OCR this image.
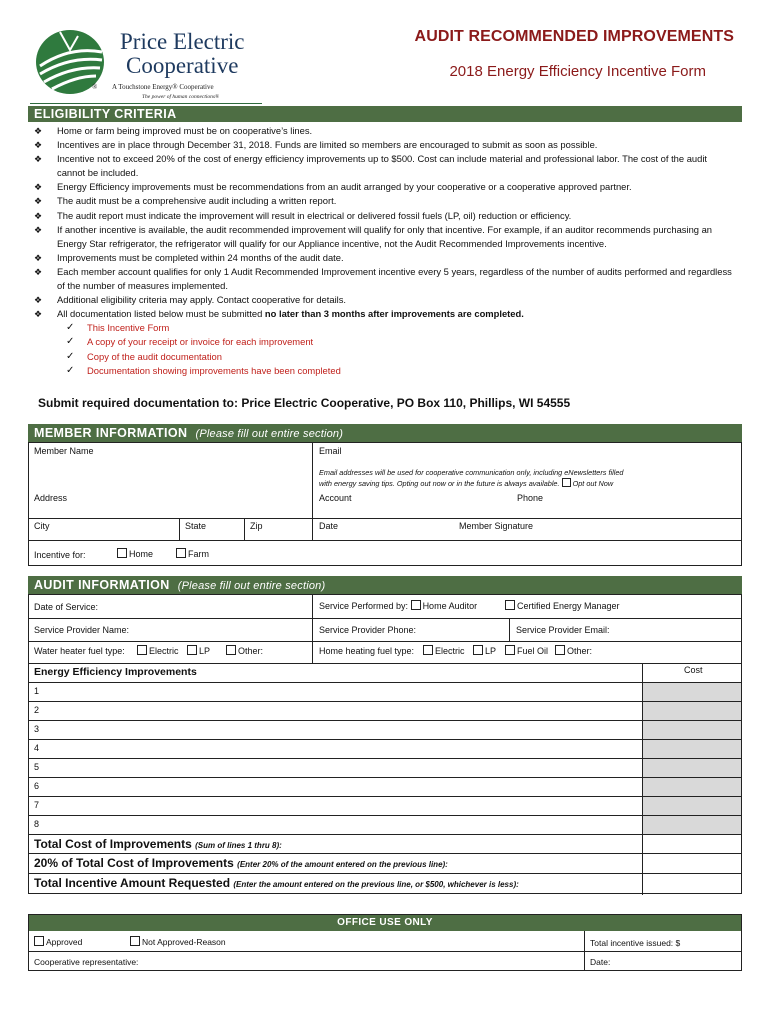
Price Electric
Cooperative
® A Touchstone Energy® Cooperative
The power of human connections®
AUDIT RECOMMENDED IMPROVEMENTS
2018 Energy Efficiency Incentive Form
ELIGIBILITY CRITERIA
❖ Home or farm being improved must be on cooperative’s lines.
❖ Incentives are in place through December 31, 2018. Funds are limited so members are encouraged to submit as soon as possible.
❖ Incentive not to exceed 20% of the cost of energy efficiency improvements up to $500. Cost can include material and professional labor. The cost of the audit cannot be included.
❖ Energy Efficiency improvements must be recommendations from an audit arranged by your cooperative or a cooperative approved partner.
❖ The audit must be a comprehensive audit including a written report.
❖ The audit report must indicate the improvement will result in electrical or delivered fossil fuels (LP, oil) reduction or efficiency.
❖ If another incentive is available, the audit recommended improvement will qualify for only that incentive. For example, if an auditor recommends purchasing an Energy Star refrigerator, the refrigerator will qualify for our Appliance incentive, not the Audit Recommended Improvements incentive.
❖ Improvements must be completed within 24 months of the audit date.
❖ Each member account qualifies for only 1 Audit Recommended Improvement incentive every 5 years, regardless of the number of audits performed and regardless of the number of measures implemented.
❖ Additional eligibility criteria may apply. Contact cooperative for details.
❖ All documentation listed below must be submitted no later than 3 months after improvements are completed.
✓ This Incentive Form
✓ A copy of your receipt or invoice for each improvement
✓ Copy of the audit documentation
✓ Documentation showing improvements have been completed
Submit required documentation to: Price Electric Cooperative, PO Box 110, Phillips, WI 54555
MEMBER INFORMATION (Please fill out entire section)
Member Name	Email
Email addresses will be used for cooperative communication only, including eNewsletters filled
with energy saving tips. Opting out now or in the future is always available. Opt out Now
Address	Account	Phone
City	State	Zip	Date	Member Signature
Incentive for:	Home	Farm
AUDIT INFORMATION (Please fill out entire section)
Date of Service:	Service Performed by: Home Auditor	Certified Energy Manager
Service Provider Name:	Service Provider Phone:	Service Provider Email:
Water heater fuel type:	Electric	LP	Other:	Home heating fuel type:	Electric	LP	Fuel Oil	Other:
Energy Efficiency Improvements	Cost
1
2
3
4
5
6
7
8
Total Cost of Improvements (Sum of lines 1 thru 8):
20% of Total Cost of Improvements (Enter 20% of the amount entered on the previous line):
Total Incentive Amount Requested (Enter the amount entered on the previous line, or $500, whichever is less):
OFFICE USE ONLY
Approved	Not Approved-Reason	Total incentive issued: $
Cooperative representative:	Date:
